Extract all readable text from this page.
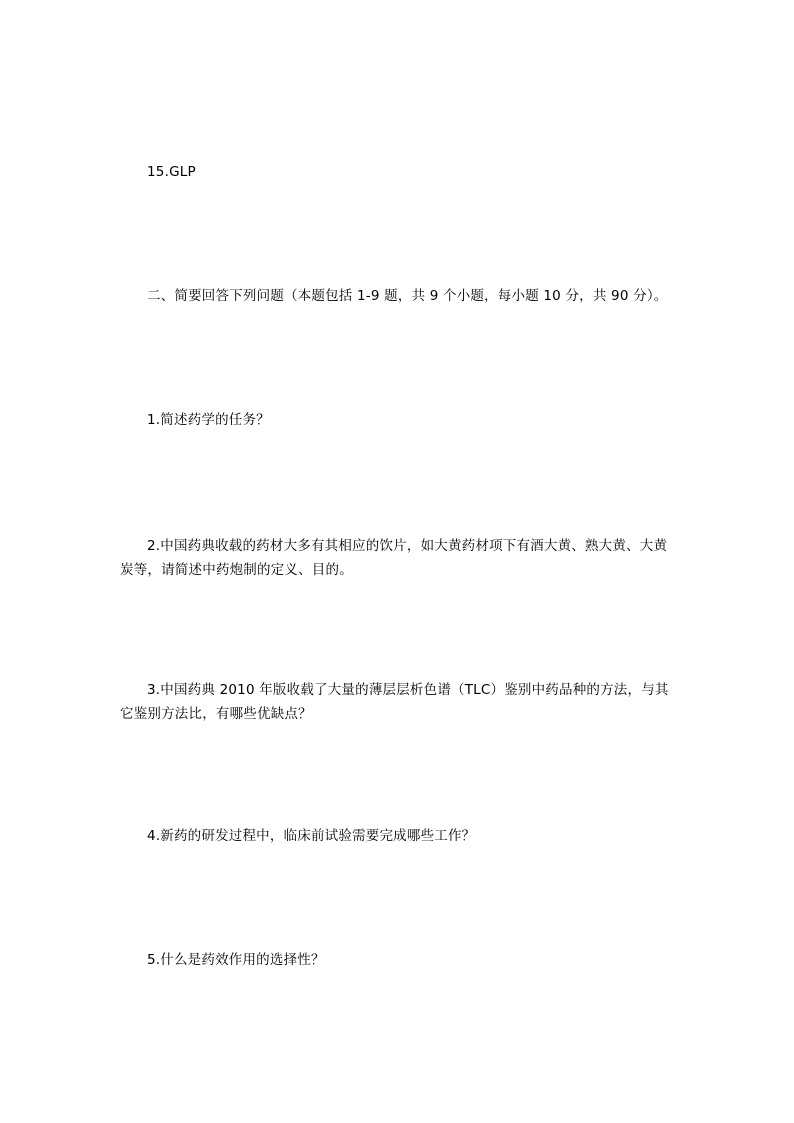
15.GLP

二、简要回答下列问题（本题包括 1-9 题，共 9 个小题，每小题 10 分，共 90 分）。

1.简述药学的任务？

2.中国药典收载的药材大多有其相应的饮片，如大黄药材项下有酒大黄、熟大黄、大黄炭等，请简述中药炮制的定义、目的。

3.中国药典 2010 年版收载了大量的薄层层析色谱（TLC）鉴别中药品种的方法，与其它鉴别方法比，有哪些优缺点？

4.新药的研发过程中，临床前试验需要完成哪些工作？

5.什么是药效作用的选择性？
